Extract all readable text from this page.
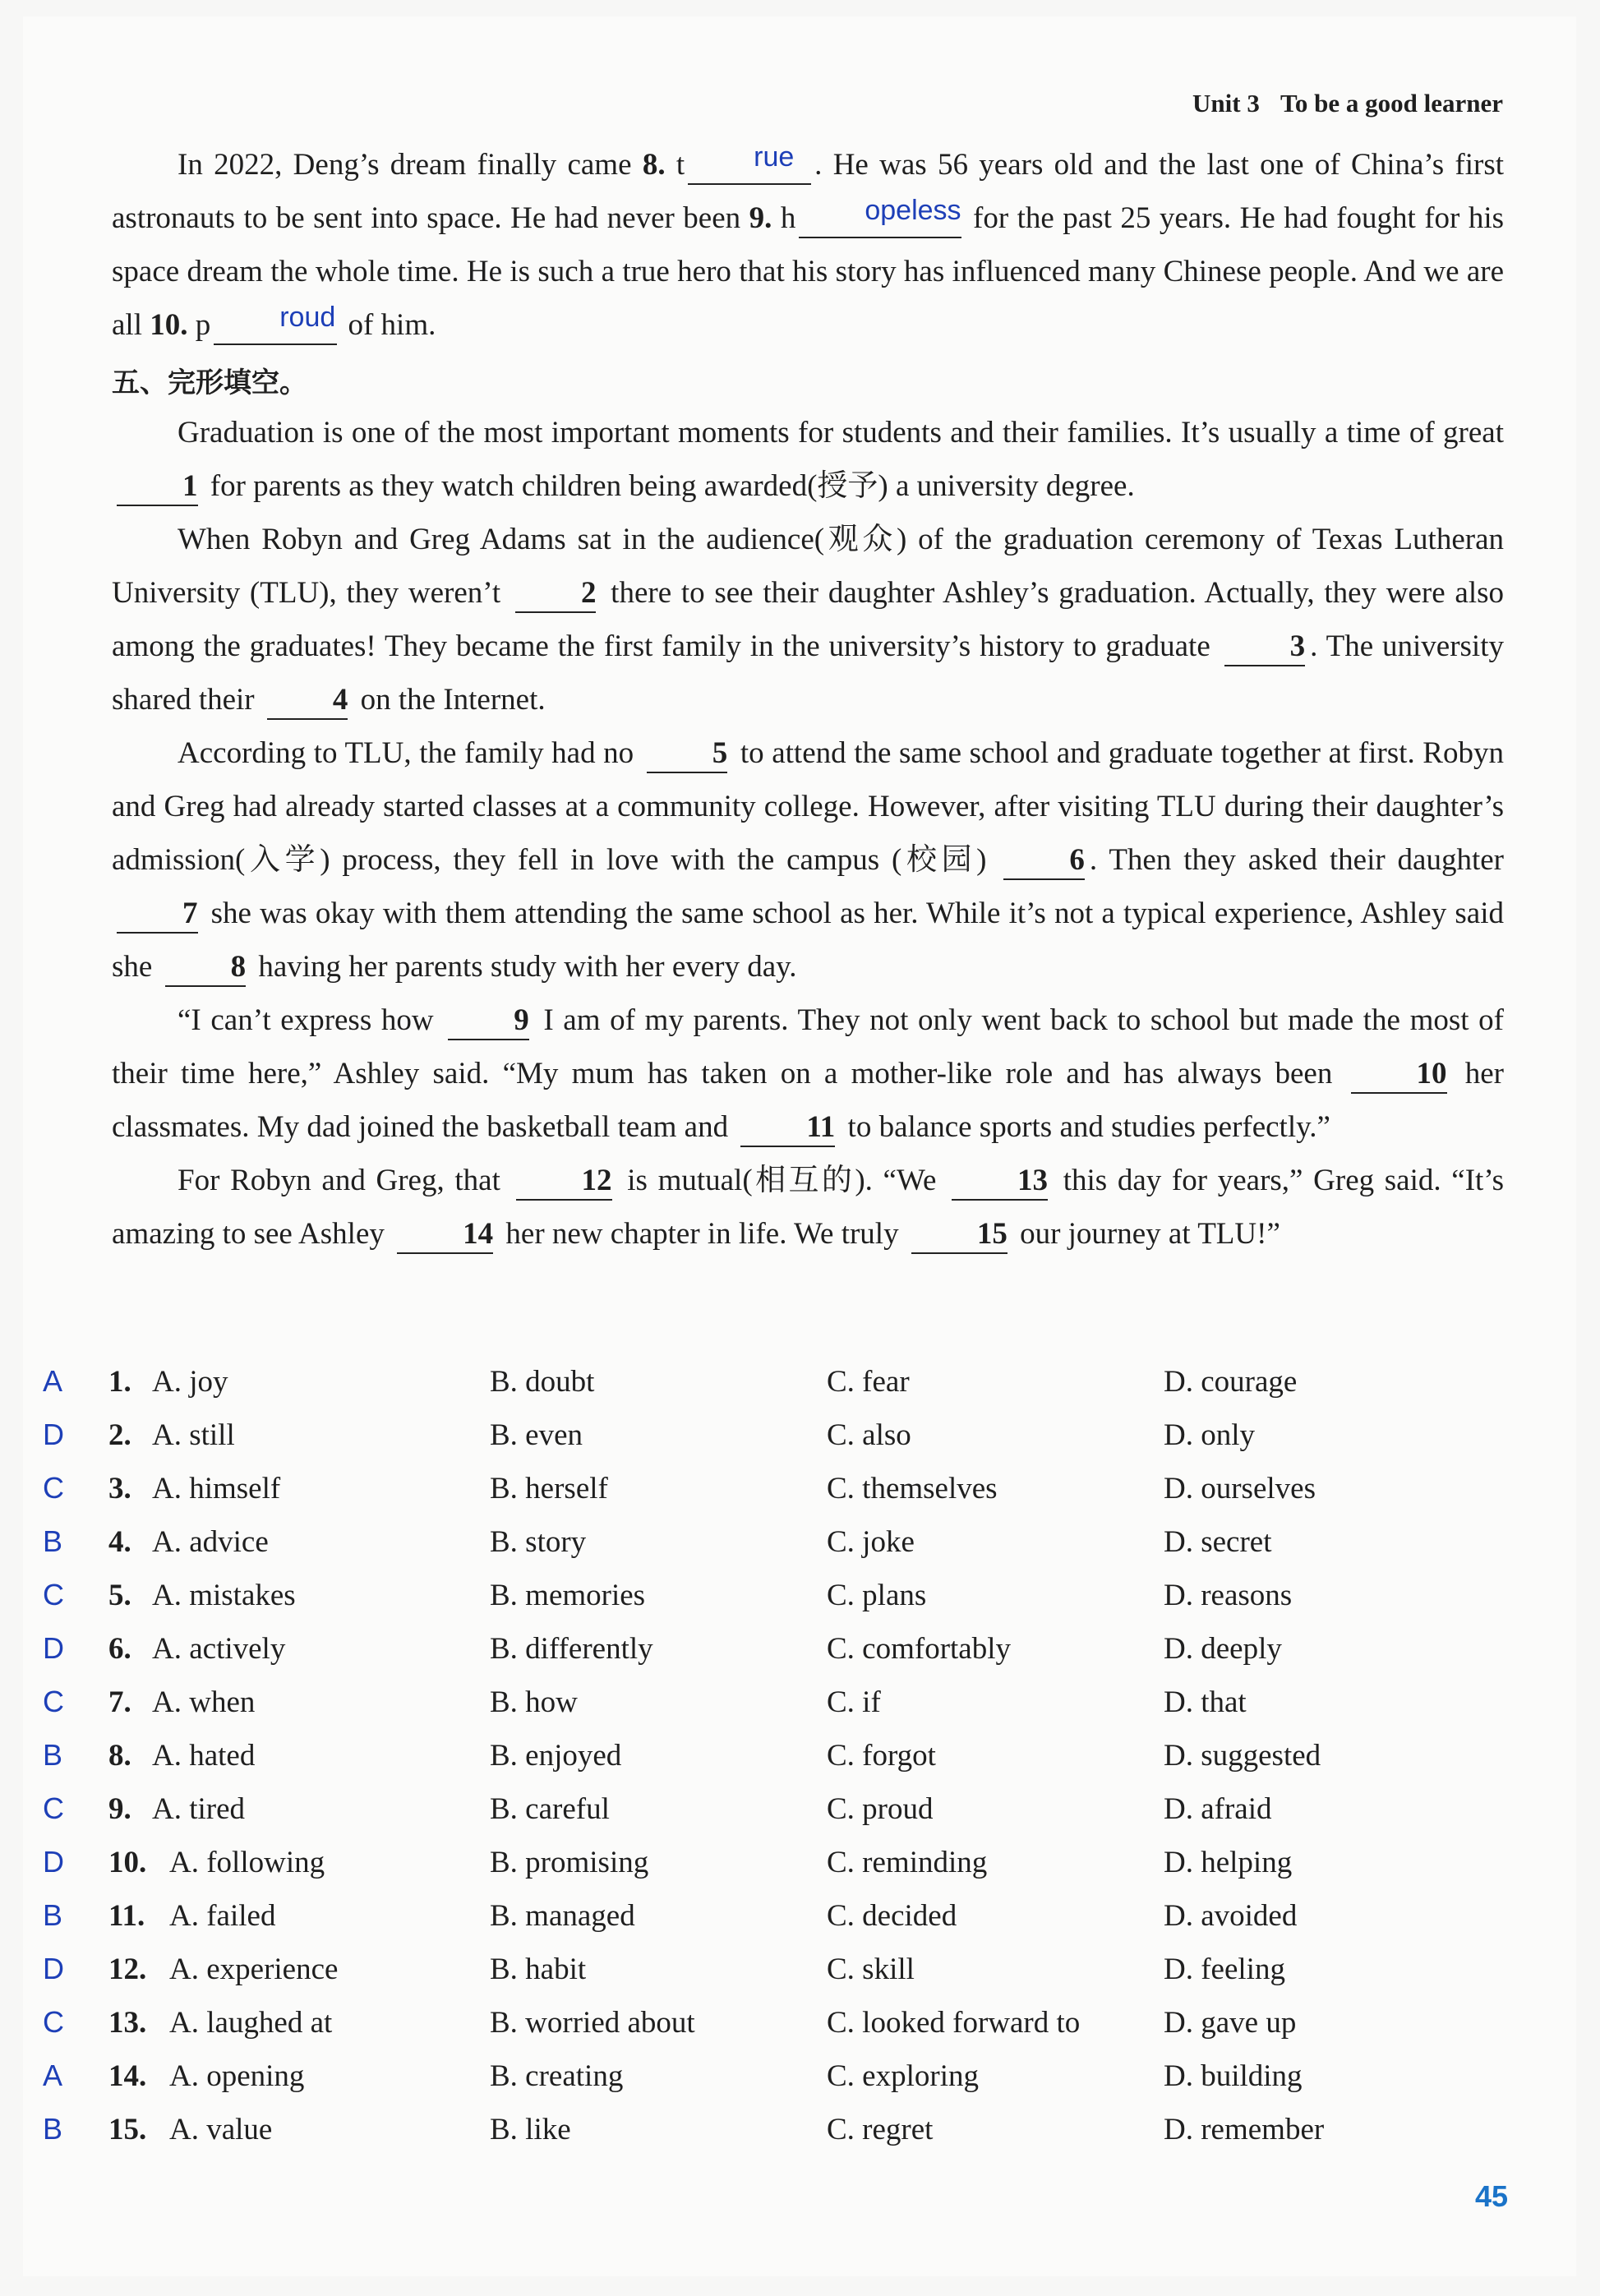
Unit 3 To be a good learner

In 2022, Deng’s dream finally came 8. t rue . He was 56 years old and the last one of China’s first astronauts to be sent into space. He had never been 9. h opeless for the past 25 years. He had fought for his space dream the whole time. He is such a true hero that his story has influenced many Chinese people. And we are all 10. p roud of him.

五、完形填空。

Graduation is one of the most important moments for students and their families. It’s usually a time of great 1 for parents as they watch children being awarded(授予) a university degree.

When Robyn and Greg Adams sat in the audience(观众) of the graduation ceremony of Texas Lutheran University (TLU), they weren’t 2 there to see their daughter Ashley’s graduation. Actually, they were also among the graduates! They became the first family in the university’s history to graduate 3 . The university shared their 4 on the Internet.

According to TLU, the family had no 5 to attend the same school and graduate together at first. Robyn and Greg had already started classes at a community college. However, after visiting TLU during their daughter’s admission(入学) process, they fell in love with the campus (校园) 6 . Then they asked their daughter 7 she was okay with them attending the same school as her. While it’s not a typical experience, Ashley said she 8 having her parents study with her every day.

“I can’t express how 9 I am of my parents. They not only went back to school but made the most of their time here,” Ashley said. “My mum has taken on a mother-like role and has always been 10 her classmates. My dad joined the basketball team and 11 to balance sports and studies perfectly.”

For Robyn and Greg, that 12 is mutual(相互的). “We 13 this day for years,” Greg said. “It’s amazing to see Ashley 14 her new chapter in life. We truly 15 our journey at TLU!”

A 1. A. joy	B. doubt	C. fear	D. courage
D 2. A. still	B. even	C. also	D. only
C 3. A. himself	B. herself	C. themselves	D. ourselves
B 4. A. advice	B. story	C. joke	D. secret
C 5. A. mistakes	B. memories	C. plans	D. reasons
D 6. A. actively	B. differently	C. comfortably	D. deeply
C 7. A. when	B. how	C. if	D. that
B 8. A. hated	B. enjoyed	C. forgot	D. suggested
C 9. A. tired	B. careful	C. proud	D. afraid
D 10. A. following	B. promising	C. reminding	D. helping
B 11. A. failed	B. managed	C. decided	D. avoided
D 12. A. experience	B. habit	C. skill	D. feeling
C 13. A. laughed at	B. worried about	C. looked forward to	D. gave up
A 14. A. opening	B. creating	C. exploring	D. building
B 15. A. value	B. like	C. regret	D. remember
45
